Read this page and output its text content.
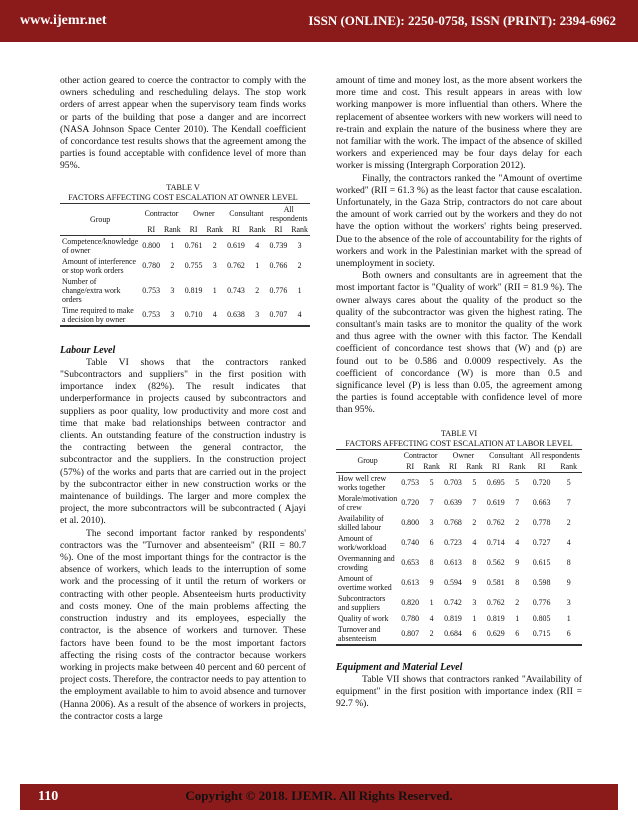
www.ijemr.net	ISSN (ONLINE): 2250-0758, ISSN (PRINT): 2394-6962

other action geared to coerce the contractor to comply with the owners scheduling and rescheduling delays. The stop work orders of arrest appear when the supervisory team finds works or parts of the building that pose a danger and are incorrect (NASA Johnson Space Center 2010). The Kendall coefficient of concordance test results shows that the agreement among the parties is found acceptable with confidence level of more than 95%.

TABLE V
FACTORS AFFECTING COST ESCALATION AT OWNER LEVEL
Group	Contractor		Owner		Consultant		All respondents	
	RI	Rank	RI	Rank	RI	Rank	RI	Rank
Competence/knowledge of owner	0.800	1	0.761	2	0.619	4	0.739	3
Amount of interference or stop work orders	0.780	2	0.755	3	0.762	1	0.766	2
Number of change/extra work orders	0.753	3	0.819	1	0.743	2	0.776	1
Time required to make a decision by owner	0.753	3	0.710	4	0.638	3	0.707	4
Labour Level

Table VI shows that the contractors ranked "Subcontractors and suppliers" in the first position with importance index (82%). The result indicates that underperformance in projects caused by subcontractors and suppliers as poor quality, low productivity and more cost and time that make bad relationships between contractor and clients. An outstanding feature of the construction industry is the contracting between the general contractor, the subcontractor and the suppliers. In the construction project (57%) of the works and parts that are carried out in the project by the subcontractor either in new construction works or the maintenance of buildings. The larger and more complex the project, the more subcontractors will be subcontracted ( Ajayi et al. 2010).

The second important factor ranked by respondents' contractors was the "Turnover and absenteeism" (RII = 80.7 %). One of the most important things for the contractor is the absence of workers, which leads to the interruption of some work and the processing of it until the return of workers or contracting with other people. Absenteeism hurts productivity and costs money. One of the main problems affecting the construction industry and its employees, especially the contractor, is the absence of workers and turnover. These factors have been found to be the most important factors affecting the rising costs of the contractor because workers working in projects make between 40 percent and 60 percent of project costs. Therefore, the contractor needs to pay attention to the employment available to him to avoid absence and turnover (Hanna 2006). As a result of the absence of workers in projects, the contractor costs a large

amount of time and money lost, as the more absent workers the more time and cost. This result appears in areas with low working manpower is more influential than others. Where the replacement of absentee workers with new workers will need to re-train and explain the nature of the business where they are not familiar with the work. The impact of the absence of skilled workers and experienced may be four days delay for each worker is missing (Intergraph Corporation 2012).

Finally, the contractors ranked the "Amount of overtime worked" (RII = 61.3 %) as the least factor that cause escalation. Unfortunately, in the Gaza Strip, contractors do not care about the amount of work carried out by the workers and they do not have the option without the workers' rights being preserved. Due to the absence of the role of accountability for the rights of workers and work in the Palestinian market with the spread of unemployment in society.

Both owners and consultants are in agreement that the most important factor is "Quality of work" (RII = 81.9 %). The owner always cares about the quality of the product so the quality of the subcontractor was given the highest rating. The consultant's main tasks are to monitor the quality of the work and thus agree with the owner with this factor. The Kendall coefficient of concordance test shows that (W) and (p) are found out to be 0.586 and 0.0009 respectively. As the coefficient of concordance (W) is more than 0.5 and significance level (P) is less than 0.05, the agreement among the parties is found acceptable with confidence level of more than 95%.

TABLE VI
FACTORS AFFECTING COST ESCALATION AT LABOR LEVEL
Group	Contractor		Owner		Consultant		All respondents	
	RI	Rank	RI	Rank	RI	Rank	RI	Rank
How well crew works together	0.753	5	0.703	5	0.695	5	0.720	5
Morale/motivation of crew	0.720	7	0.639	7	0.619	7	0.663	7
Availability of skilled labour	0.800	3	0.768	2	0.762	2	0.778	2
Amount of work/workload	0.740	6	0.723	4	0.714	4	0.727	4
Overmanning and crowding	0.653	8	0.613	8	0.562	9	0.615	8
Amount of overtime worked	0.613	9	0.594	9	0.581	8	0.598	9
Subcontractors and suppliers	0.820	1	0.742	3	0.762	2	0.776	3
Quality of work	0.780	4	0.819	1	0.819	1	0.805	1
Turnover and absenteeism	0.807	2	0.684	6	0.629	6	0.715	6
Equipment and Material Level

Table VII shows that contractors ranked "Availability of equipment" in the first position with importance index (RII = 92.7 %).

110	Copyright © 2018. IJEMR. All Rights Reserved.
